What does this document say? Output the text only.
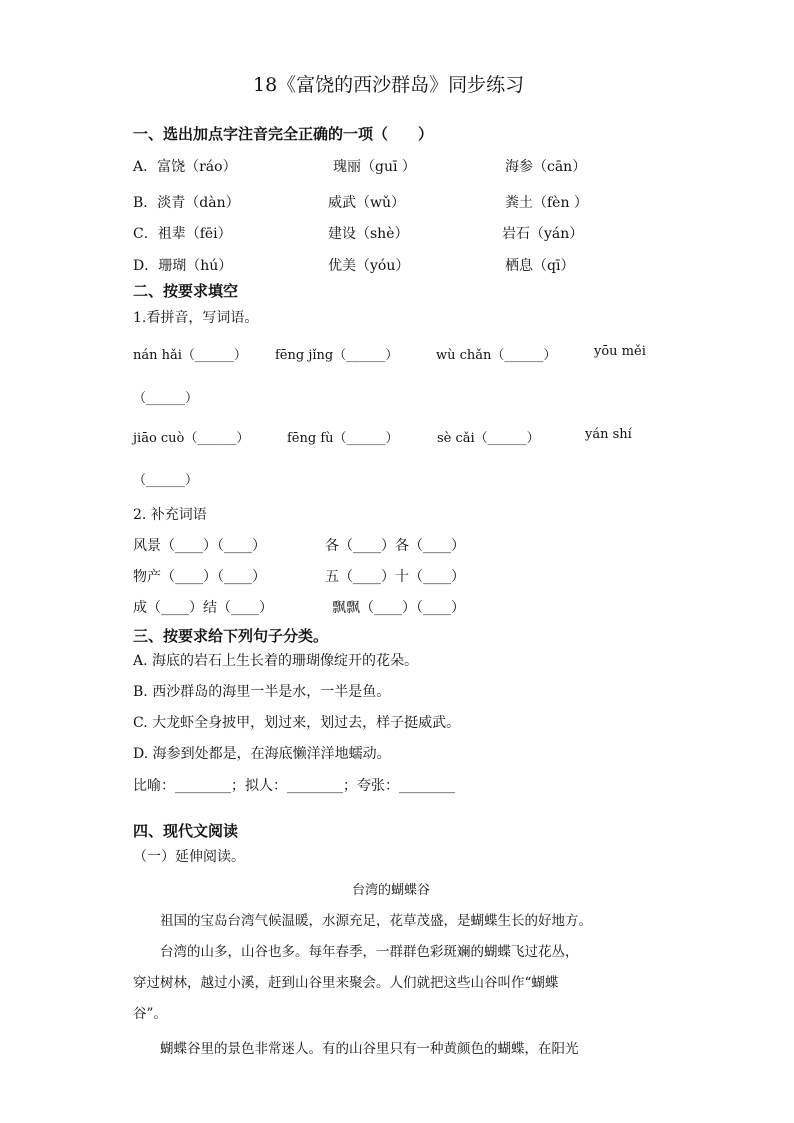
18《富饶的西沙群岛》同步练习
一、选出加点字注音完全正确的一项（　　）
A．富饶（ráo）	瑰丽（guī ）	海参（cān）
B．淡青（dàn）	威武（wǔ）	粪土（fèn ）
C．祖辈（fēi）	建设（shè）	岩石（yán）
D．珊瑚（hú）	优美（yóu）	栖息（qī）
二、按要求填空
1.看拼音，写词语。
nán hǎi（______） fēng jǐng（______）	wù chǎn（______）	yōu měi
（______）
jiāo cuò（______）	fēng fù（______）	sè cǎi（______）	yán shí
（______）
2. 补充词语
风景（____）（____）	各（____）各（____）
物产（____）（____）	五（____）十（____）
成（____）结（____）	飘飘（____）（____）
三、按要求给下列句子分类。
A. 海底的岩石上生长着的珊瑚像绽开的花朵。
B. 西沙群岛的海里一半是水，一半是鱼。
C. 大龙虾全身披甲，划过来，划过去，样子挺威武。
D. 海参到处都是，在海底懒洋洋地蠕动。
比喻：________；拟人：________；夸张：________
四、现代文阅读
（一）延伸阅读。
台湾的蝴蝶谷
　　祖国的宝岛台湾气候温暖，水源充足，花草茂盛，是蝴蝶生长的好地方。
　　台湾的山多，山谷也多。每年春季，一群群色彩斑斓的蝴蝶飞过花丛，
穿过树林，越过小溪，赶到山谷里来聚会。人们就把这些山谷叫作“蝴蝶
谷”。
　　蝴蝶谷里的景色非常迷人。有的山谷里只有一种黄颜色的蝴蝶，在阳光
